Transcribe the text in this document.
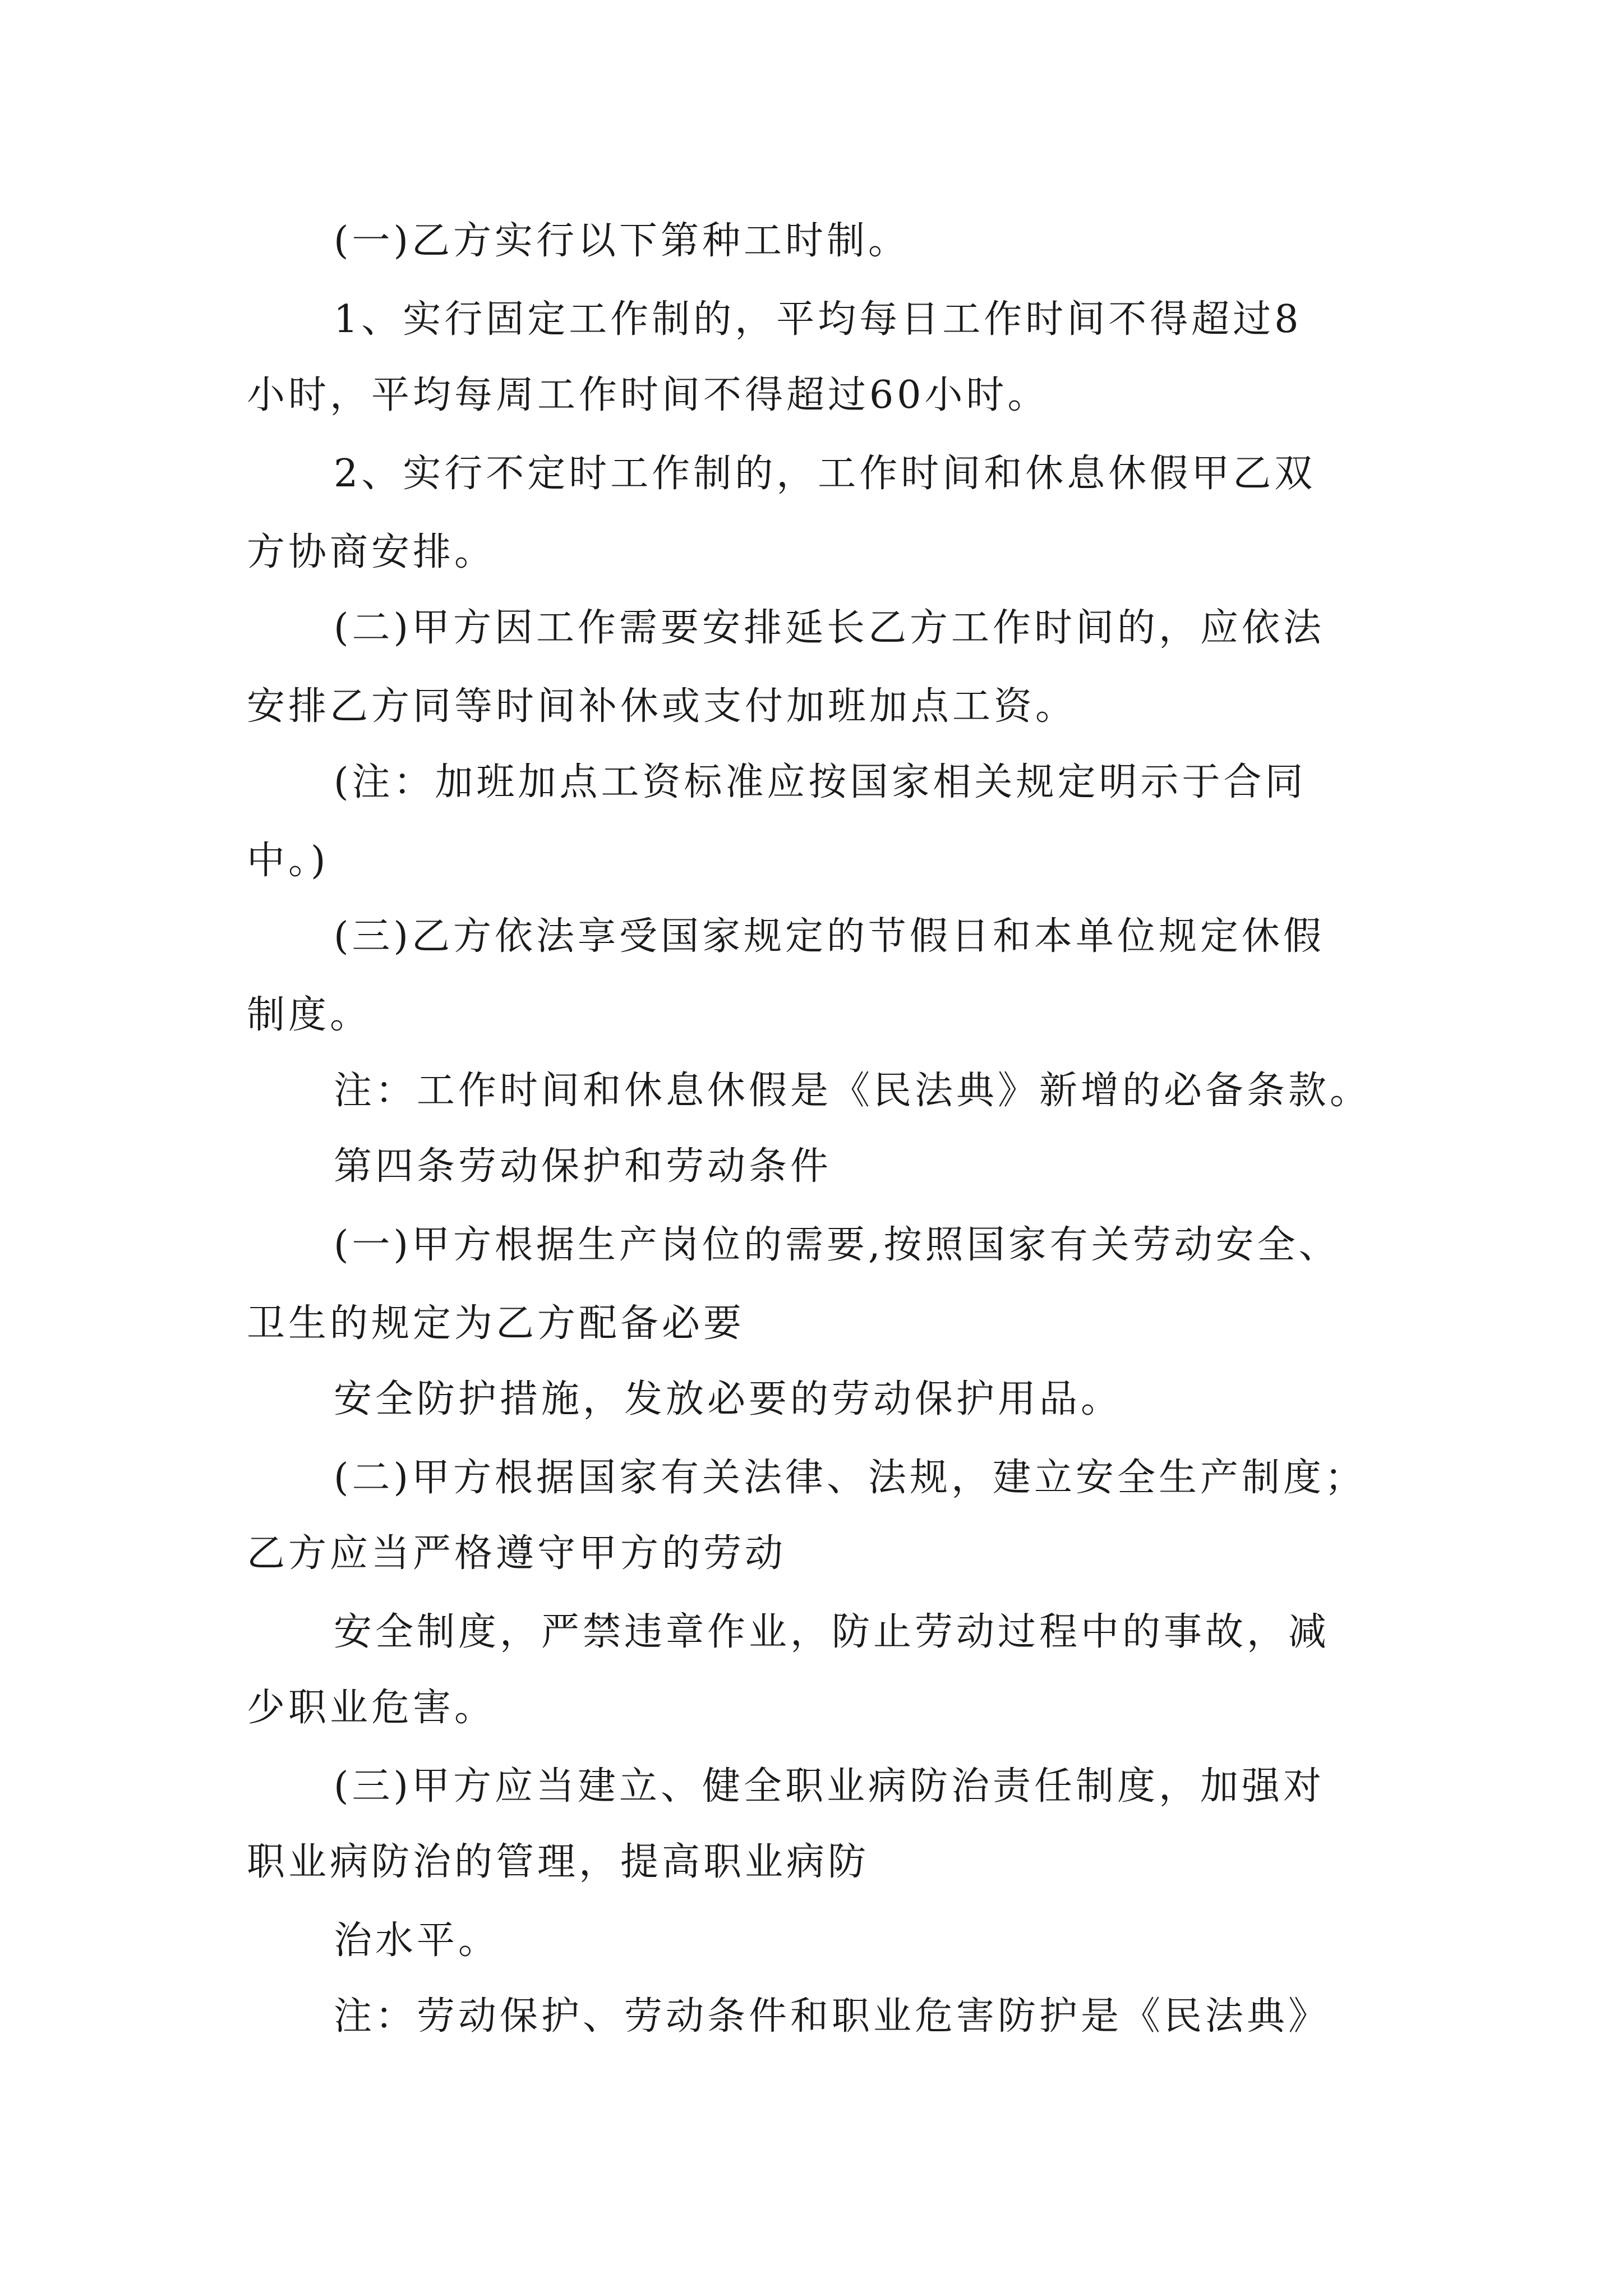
(一)乙方实行以下第种工时制。
1、实行固定工作制的，平均每日工作时间不得超过8
小时，平均每周工作时间不得超过60小时。
2、实行不定时工作制的，工作时间和休息休假甲乙双
方协商安排。
(二)甲方因工作需要安排延长乙方工作时间的，应依法
安排乙方同等时间补休或支付加班加点工资。
(注：加班加点工资标准应按国家相关规定明示于合同
中。)
(三)乙方依法享受国家规定的节假日和本单位规定休假
制度。
注：工作时间和休息休假是《民法典》新增的必备条款。
第四条劳动保护和劳动条件
(一)甲方根据生产岗位的需要,按照国家有关劳动安全、
卫生的规定为乙方配备必要
安全防护措施，发放必要的劳动保护用品。
(二)甲方根据国家有关法律、法规，建立安全生产制度；
乙方应当严格遵守甲方的劳动
安全制度，严禁违章作业，防止劳动过程中的事故，减
少职业危害。
(三)甲方应当建立、健全职业病防治责任制度，加强对
职业病防治的管理，提高职业病防
治水平。
注：劳动保护、劳动条件和职业危害防护是《民法典》
